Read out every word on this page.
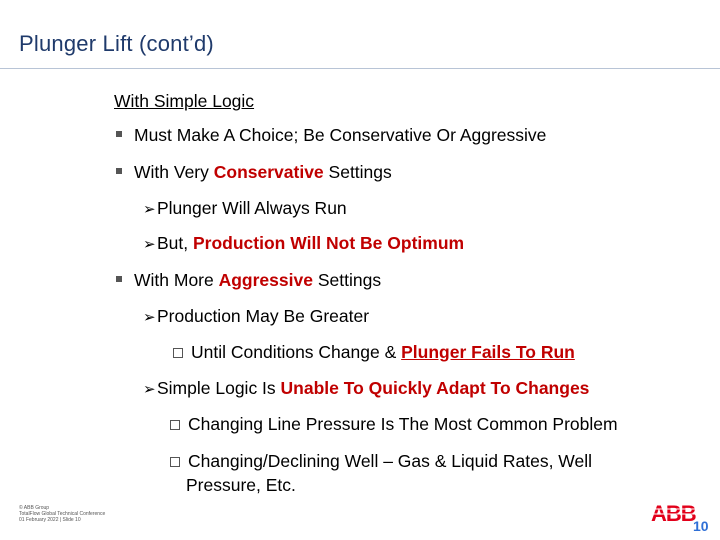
Plunger Lift (cont’d)
With Simple Logic
Must Make A Choice; Be Conservative Or Aggressive
With Very Conservative Settings
➢Plunger Will Always Run
➢But, Production Will Not Be Optimum
With More Aggressive Settings
➢Production May Be Greater
Until Conditions Change & Plunger Fails To Run
➢Simple Logic Is Unable To Quickly Adapt To Changes
Changing Line Pressure Is The Most Common Problem
Changing/Declining Well – Gas & Liquid Rates, Well
Pressure, Etc.
© ABB Group
TotalFlow Global Technical Conference
01 February 2022 | Slide 10	ABB
10
